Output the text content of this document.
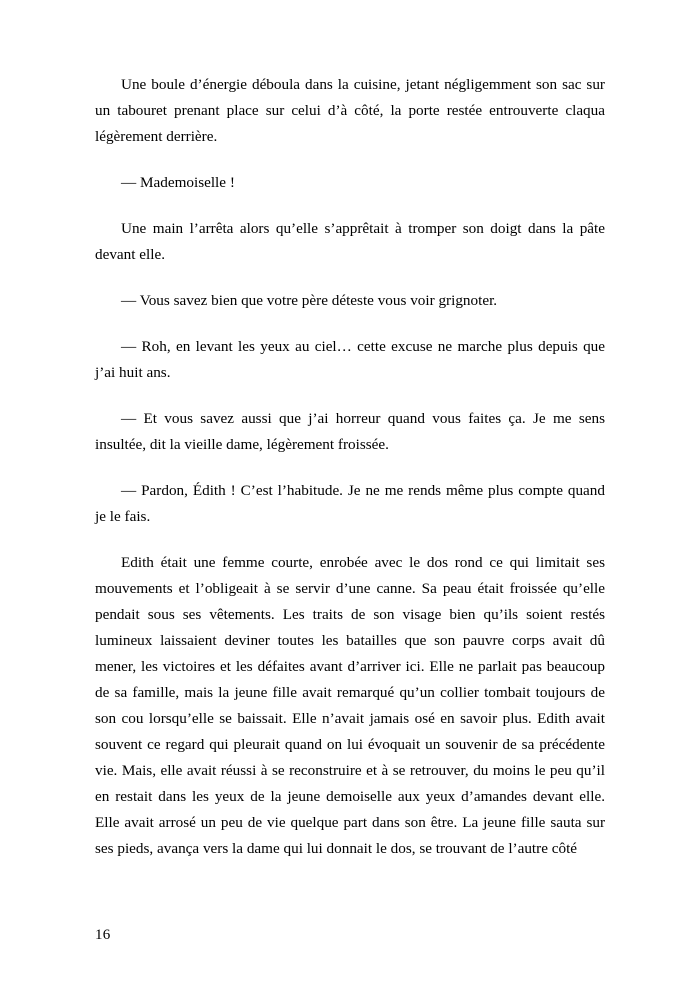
Une boule d’énergie déboula dans la cuisine, jetant négligemment son sac sur un tabouret prenant place sur celui d’à côté, la porte restée entrouverte claqua légèrement derrière.

— Mademoiselle !

Une main l’arrêta alors qu’elle s’apprêtait à tromper son doigt dans la pâte devant elle.

— Vous savez bien que votre père déteste vous voir grignoter.

— Roh, en levant les yeux au ciel… cette excuse ne marche plus depuis que j’ai huit ans.

— Et vous savez aussi que j’ai horreur quand vous faites ça. Je me sens insultée, dit la vieille dame, légèrement froissée.

— Pardon, Édith ! C’est l’habitude. Je ne me rends même plus compte quand je le fais.

Edith était une femme courte, enrobée avec le dos rond ce qui limitait ses mouvements et l’obligeait à se servir d’une canne. Sa peau était froissée qu’elle pendait sous ses vêtements. Les traits de son visage bien qu’ils soient restés lumineux laissaient deviner toutes les batailles que son pauvre corps avait dû mener, les victoires et les défaites avant d’arriver ici. Elle ne parlait pas beaucoup de sa famille, mais la jeune fille avait remarqué qu’un collier tombait toujours de son cou lorsqu’elle se baissait. Elle n’avait jamais osé en savoir plus. Edith avait souvent ce regard qui pleurait quand on lui évoquait un souvenir de sa précédente vie. Mais, elle avait réussi à se reconstruire et à se retrouver, du moins le peu qu’il en restait dans les yeux de la jeune demoiselle aux yeux d’amandes devant elle. Elle avait arrosé un peu de vie quelque part dans son être. La jeune fille sauta sur ses pieds, avança vers la dame qui lui donnait le dos, se trouvant de l’autre côté

16
